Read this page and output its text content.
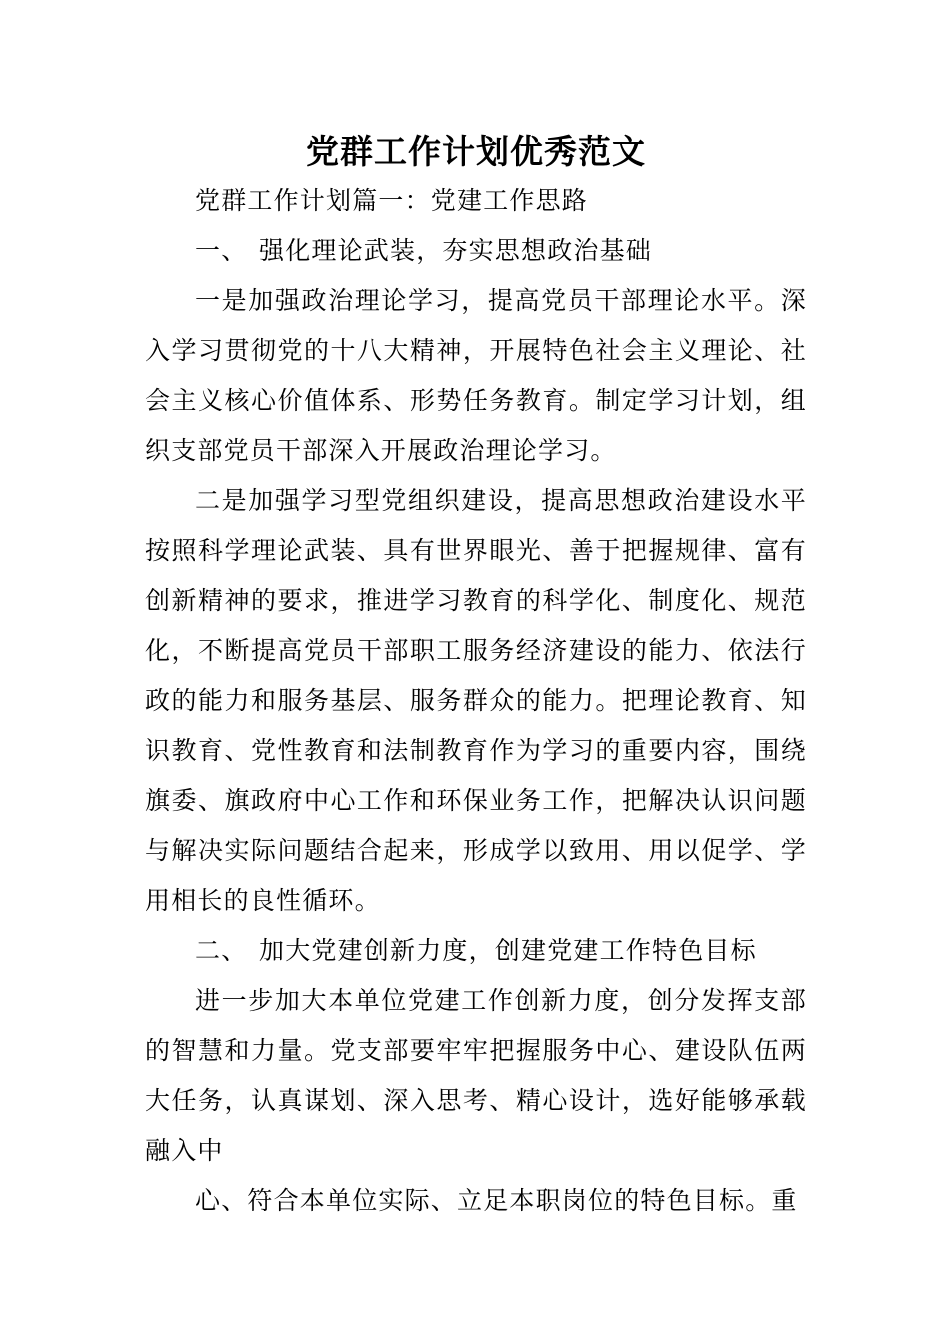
党群工作计划优秀范文

党群工作计划篇一：党建工作思路

一、 强化理论武装，夯实思想政治基础

一是加强政治理论学习，提高党员干部理论水平。深入学习贯彻党的十八大精神，开展特色社会主义理论、社会主义核心价值体系、形势任务教育。制定学习计划，组织支部党员干部深入开展政治理论学习。

二是加强学习型党组织建设，提高思想政治建设水平按照科学理论武装、具有世界眼光、善于把握规律、富有创新精神的要求，推进学习教育的科学化、制度化、规范化，不断提高党员干部职工服务经济建设的能力、依法行政的能力和服务基层、服务群众的能力。把理论教育、知识教育、党性教育和法制教育作为学习的重要内容，围绕旗委、旗政府中心工作和环保业务工作，把解决认识问题与解决实际问题结合起来，形成学以致用、用以促学、学用相长的良性循环。

二、 加大党建创新力度，创建党建工作特色目标

进一步加大本单位党建工作创新力度，创分发挥支部的智慧和力量。党支部要牢牢把握服务中心、建设队伍两大任务，认真谋划、深入思考、精心设计，选好能够承载融入中

心、符合本单位实际、立足本职岗位的特色目标。重
